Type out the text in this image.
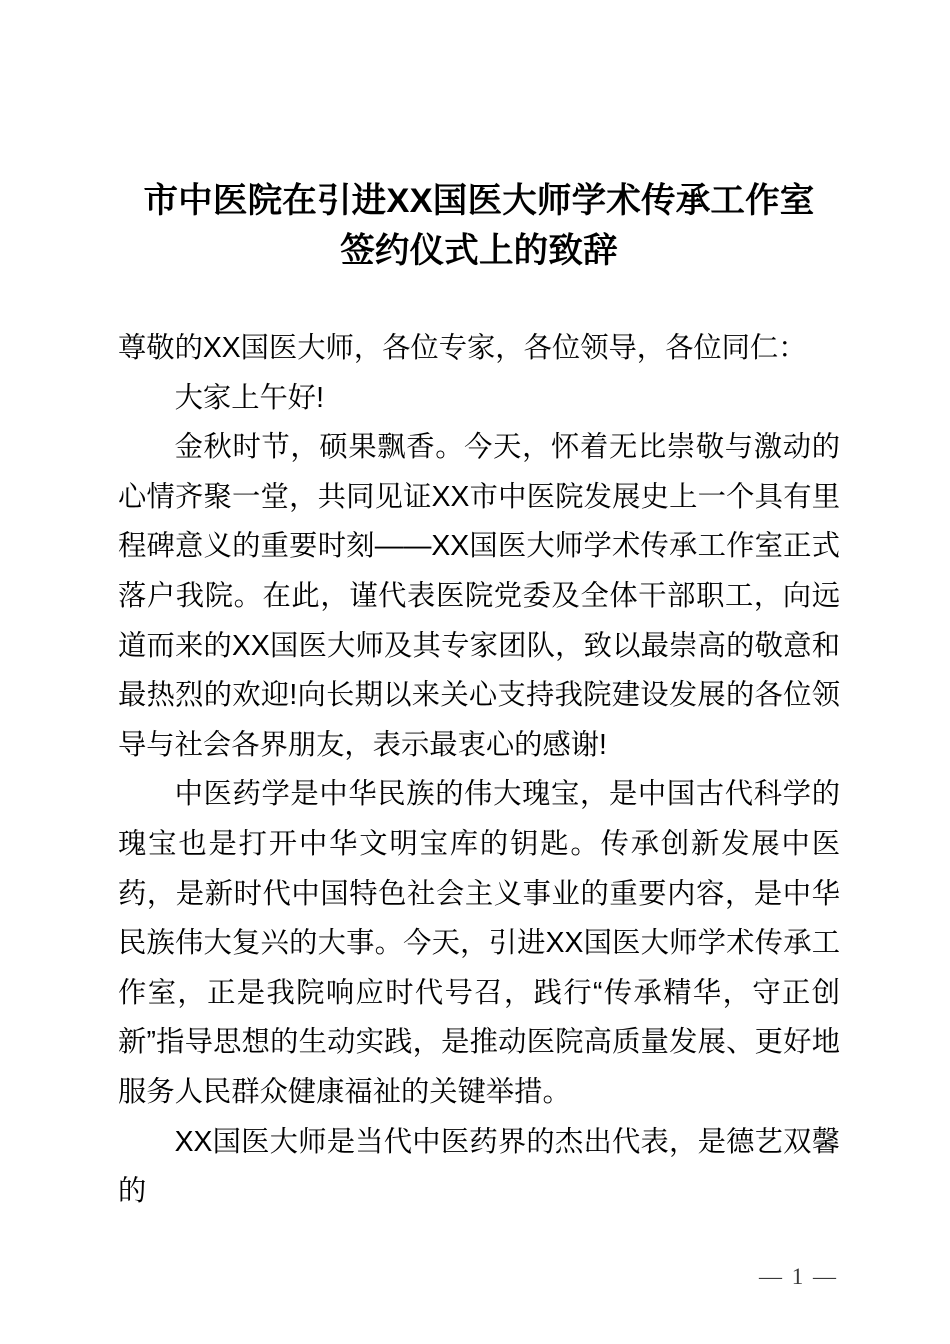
市中医院在引进XX国医大师学术传承工作室
签约仪式上的致辞

尊敬的XX国医大师，各位专家，各位领导，各位同仁：

大家上午好!

金秋时节，硕果飘香。今天，怀着无比崇敬与激动的心情齐聚一堂，共同见证XX市中医院发展史上一个具有里程碑意义的重要时刻——XX国医大师学术传承工作室正式落户我院。在此，谨代表医院党委及全体干部职工，向远道而来的XX国医大师及其专家团队，致以最崇高的敬意和最热烈的欢迎!向长期以来关心支持我院建设发展的各位领导与社会各界朋友，表示最衷心的感谢!

中医药学是中华民族的伟大瑰宝，是中国古代科学的瑰宝也是打开中华文明宝库的钥匙。传承创新发展中医药，是新时代中国特色社会主义事业的重要内容，是中华民族伟大复兴的大事。今天，引进XX国医大师学术传承工作室，正是我院响应时代号召，践行“传承精华，守正创新”指导思想的生动实践，是推动医院高质量发展、更好地服务人民群众健康福祉的关键举措。

XX国医大师是当代中医药界的杰出代表，是德艺双馨的

— 1 —
